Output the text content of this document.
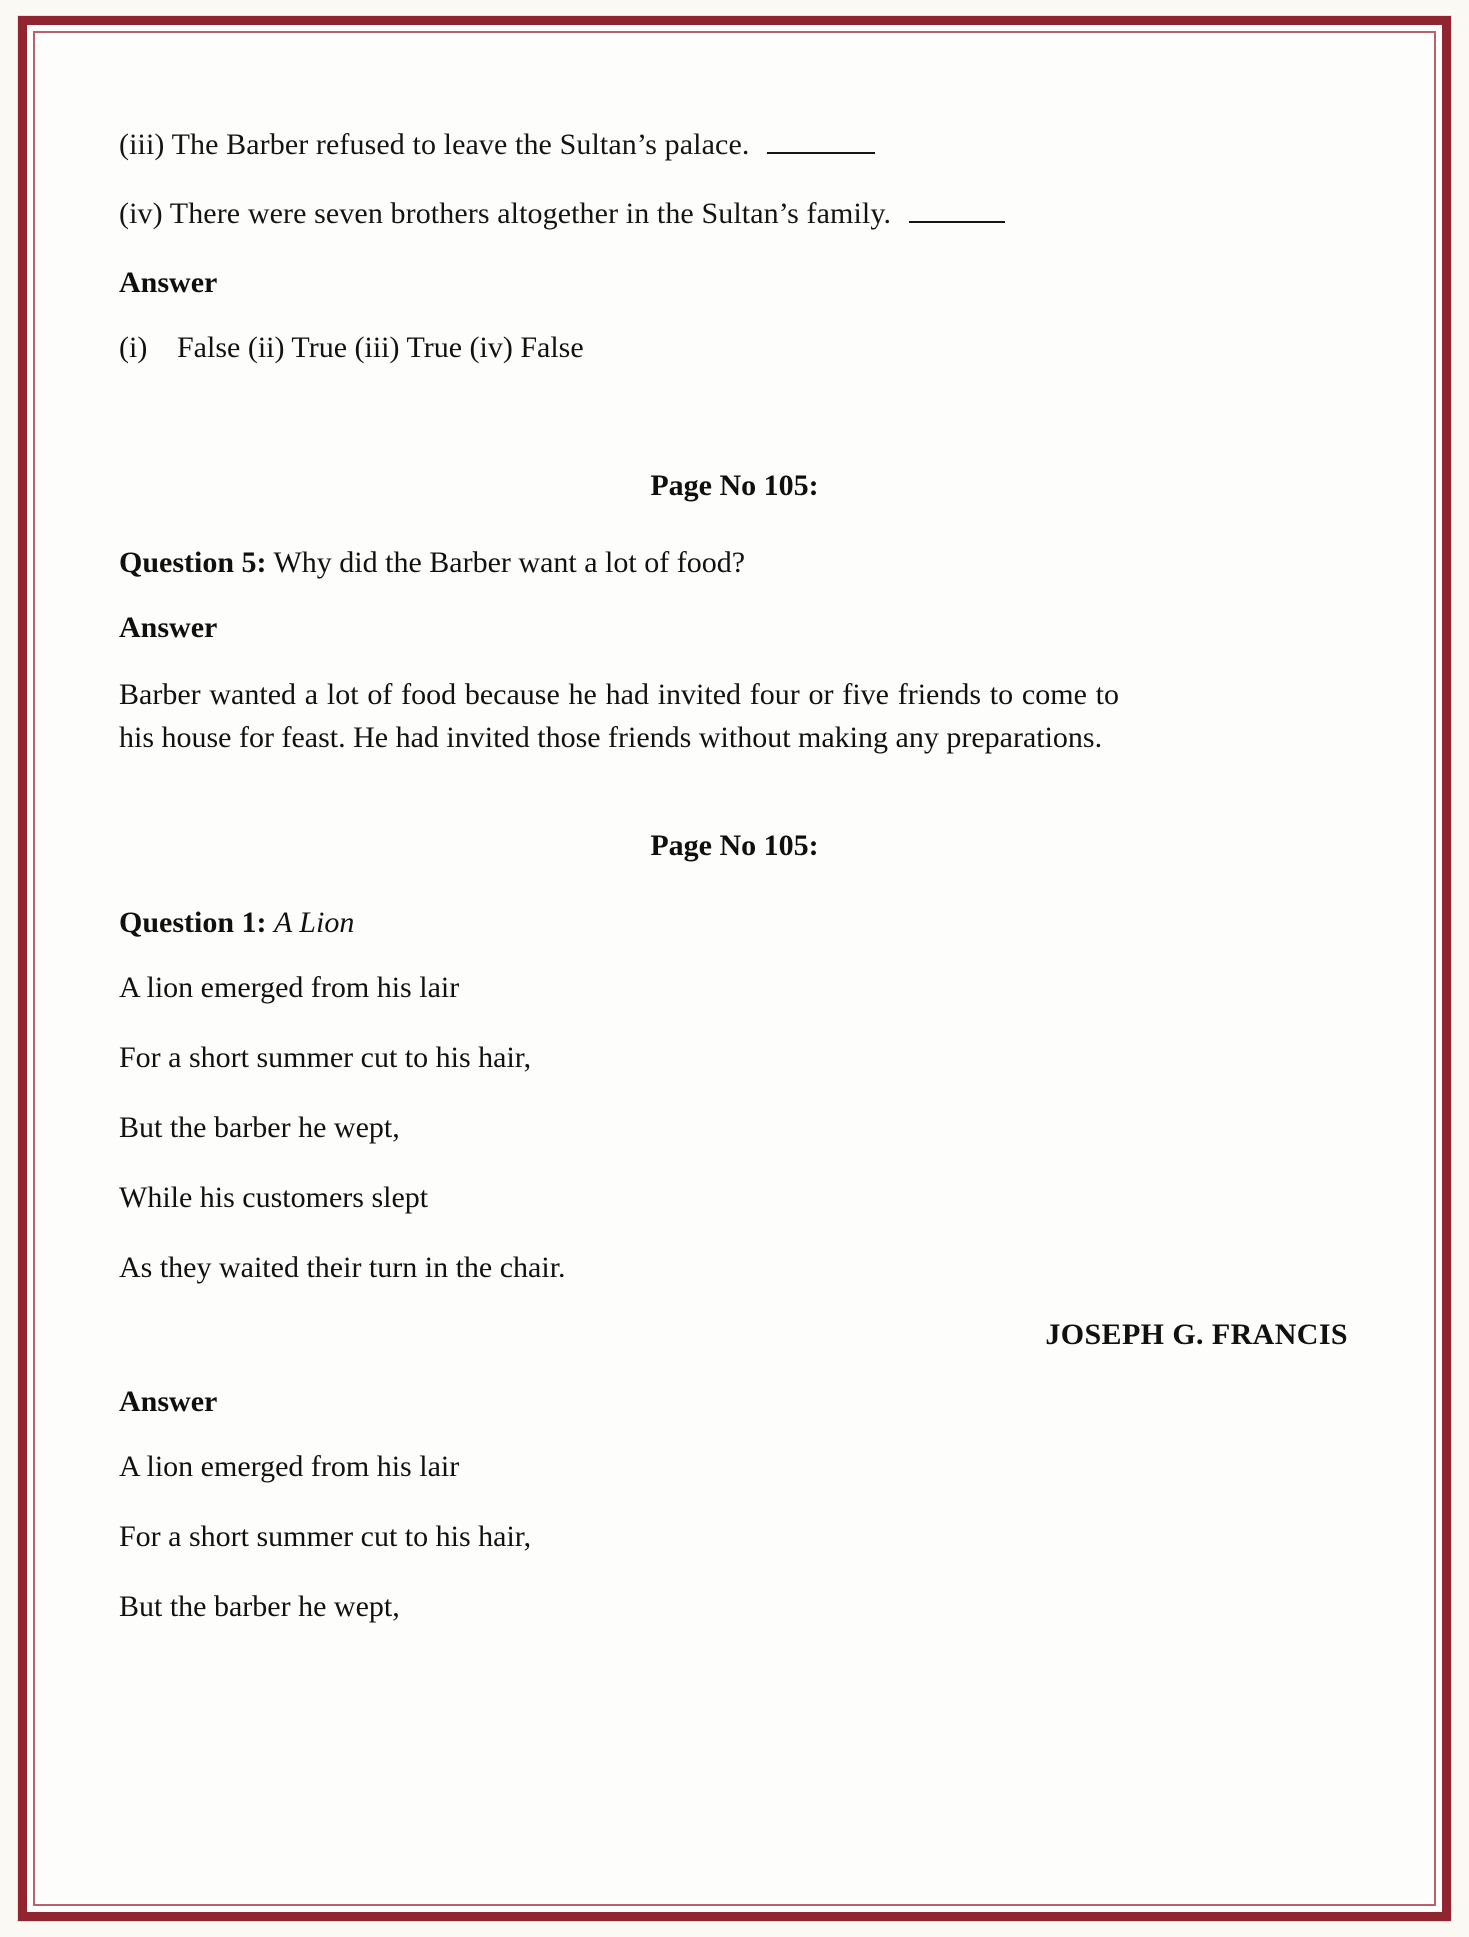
(iii) The Barber refused to leave the Sultan’s palace.

(iv) There were seven brothers altogether in the Sultan’s family.

Answer

(i) False (ii) True (iii) True (iv) False

Page No 105:

Question 5: Why did the Barber want a lot of food?

Answer

Barber wanted a lot of food because he had invited four or five friends to come to his house for feast. He had invited those friends without making any preparations.

Page No 105:

Question 1: A Lion

A lion emerged from his lair

For a short summer cut to his hair,

But the barber he wept,

While his customers slept

As they waited their turn in the chair.

JOSEPH G. FRANCIS

Answer

A lion emerged from his lair

For a short summer cut to his hair,

But the barber he wept,
